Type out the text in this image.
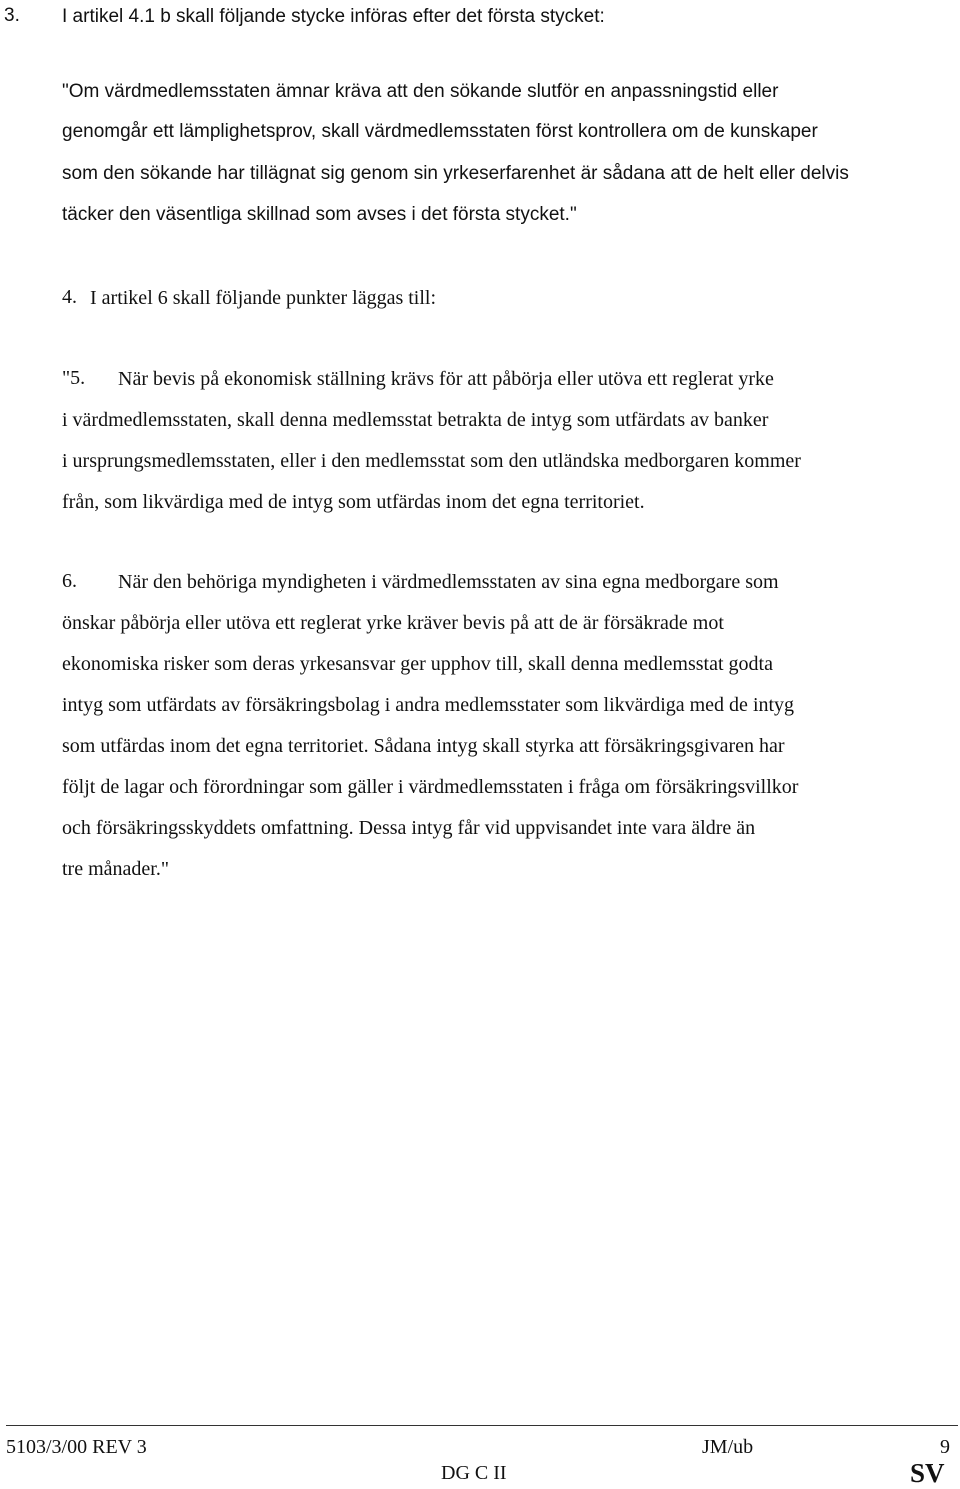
3. I artikel 4.1 b skall följande stycke införas efter det första stycket:
"Om värdmedlemsstaten ämnar kräva att den sökande slutför en anpassningstid eller
genomgår ett lämplighetsprov, skall värdmedlemsstaten först kontrollera om de kunskaper
som den sökande har tillägnat sig genom sin yrkeserfarenhet är sådana att de helt eller delvis
täcker den väsentliga skillnad som avses i det första stycket."
4. I artikel 6 skall följande punkter läggas till:
"5. När bevis på ekonomisk ställning krävs för att påbörja eller utöva ett reglerat yrke
i värdmedlemsstaten, skall denna medlemsstat betrakta de intyg som utfärdats av banker
i ursprungsmedlemsstaten, eller i den medlemsstat som den utländska medborgaren kommer
från, som likvärdiga med de intyg som utfärdas inom det egna territoriet.
6. När den behöriga myndigheten i värdmedlemsstaten av sina egna medborgare som
önskar påbörja eller utöva ett reglerat yrke kräver bevis på att de är försäkrade mot
ekonomiska risker som deras yrkesansvar ger upphov till, skall denna medlemsstat godta
intyg som utfärdats av försäkringsbolag i andra medlemsstater som likvärdiga med de intyg
som utfärdas inom det egna territoriet. Sådana intyg skall styrka att försäkringsgivaren har
följt de lagar och förordningar som gäller i värdmedlemsstaten i fråga om försäkringsvillkor
och försäkringsskyddets omfattning. Dessa intyg får vid uppvisandet inte vara äldre än
tre månader."
5103/3/00 REV 3	JM/ub	9
DG C II	SV
